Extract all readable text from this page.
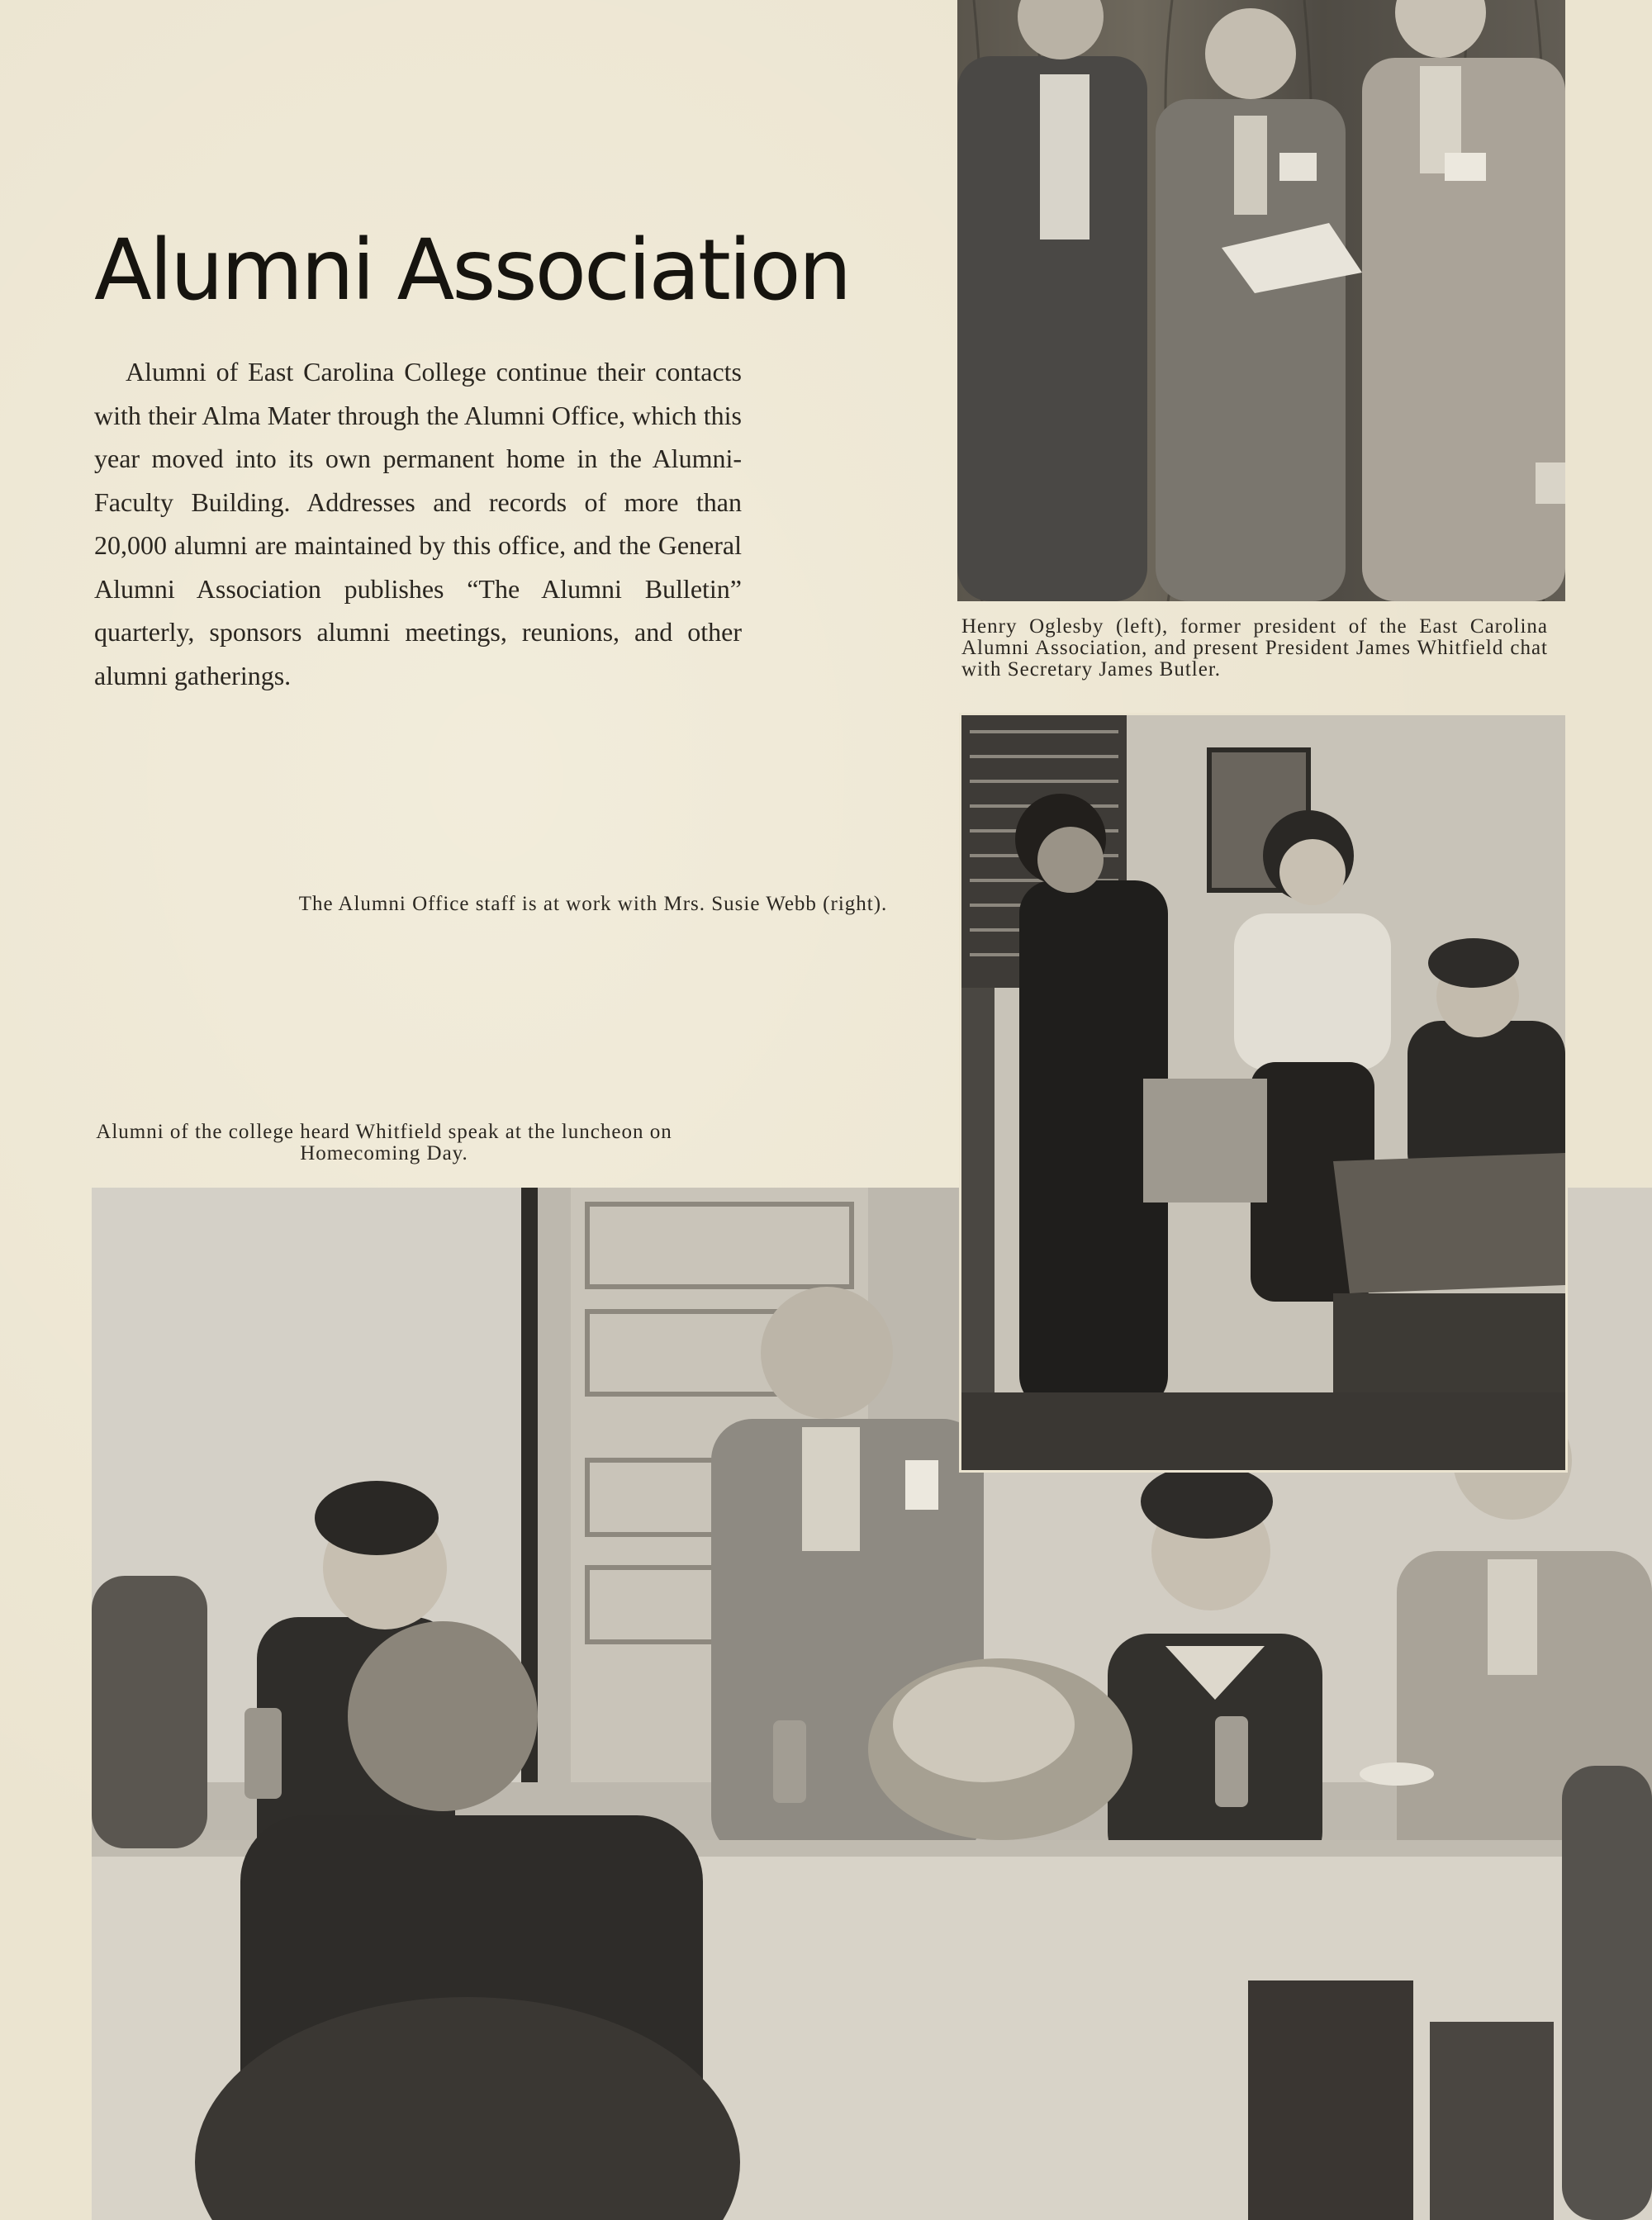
Alumni Association

Alumni of East Carolina College continue their contacts with their Alma Mater through the Alumni Office, which this year moved into its own permanent home in the Alumni-Faculty Building. Addresses and records of more than 20,000 alumni are maintained by this office, and the General Alumni Association publishes “The Alumni Bulletin” quarterly, sponsors alumni meetings, reunions, and other alumni gatherings.

Henry Oglesby (left), former president of the East Carolina Alumni Association, and present President James Whitfield chat with Secretary James Butler.

The Alumni Office staff is at work with Mrs. Susie Webb (right).

Alumni of the college heard Whitfield speak at the luncheon on Homecoming Day.
